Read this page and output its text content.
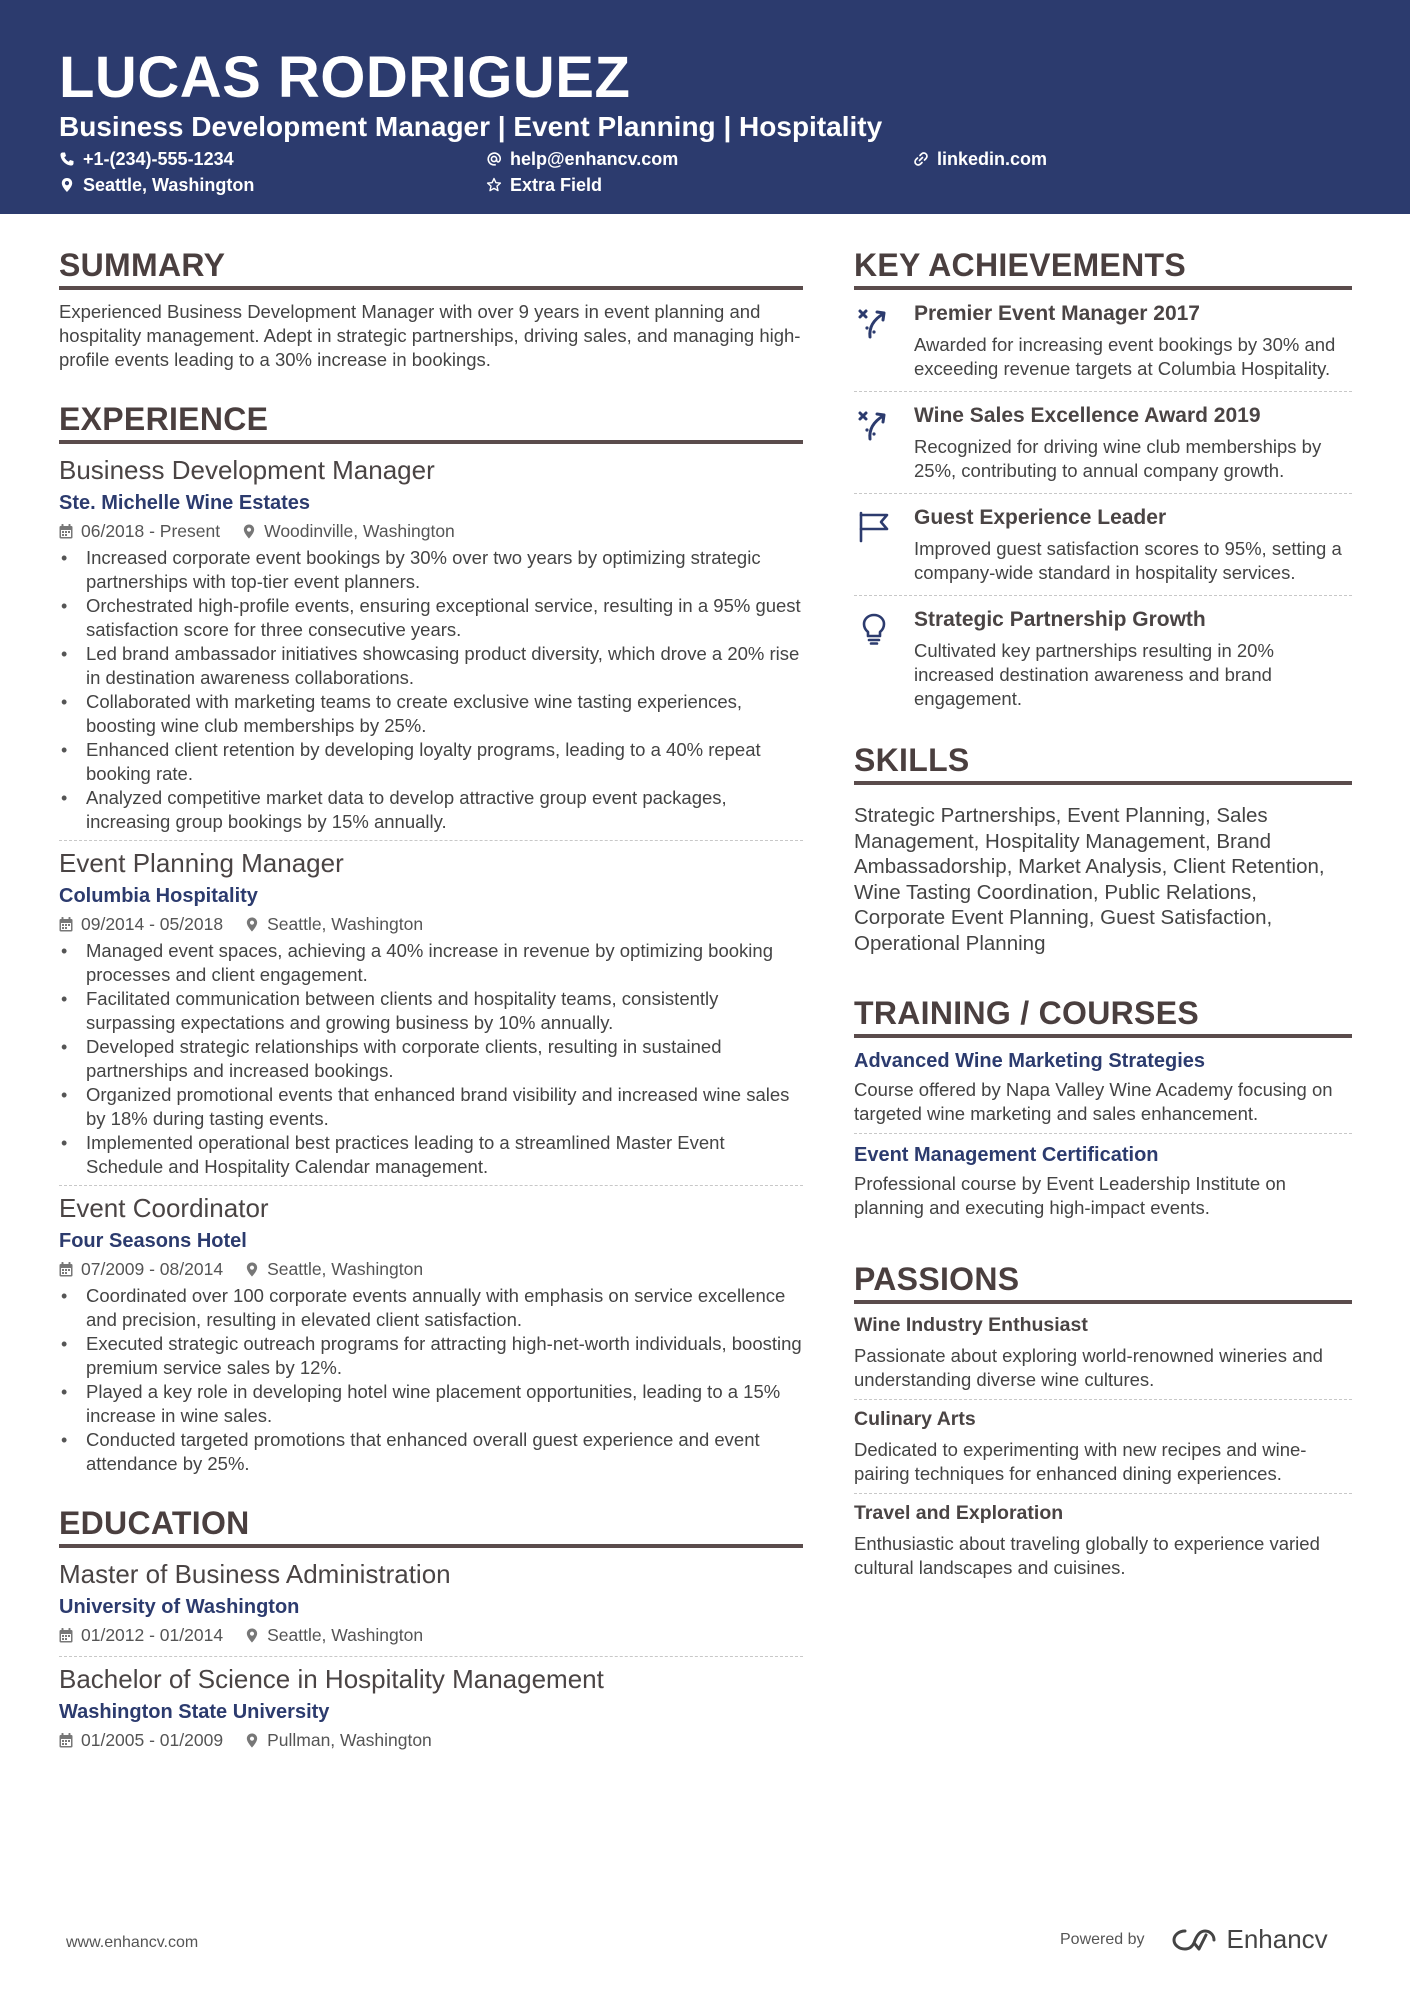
LUCAS RODRIGUEZ
Business Development Manager | Event Planning | Hospitality
+1-(234)-555-1234	help@enhancv.com	linkedin.com
Seattle, Washington	Extra Field
SUMMARY
Experienced Business Development Manager with over 9 years in event planning and hospitality management. Adept in strategic partnerships, driving sales, and managing high-profile events leading to a 30% increase in bookings.
EXPERIENCE
Business Development Manager
Ste. Michelle Wine Estates
06/2018 - Present	Woodinville, Washington
• Increased corporate event bookings by 30% over two years by optimizing strategic partnerships with top-tier event planners.
• Orchestrated high-profile events, ensuring exceptional service, resulting in a 95% guest satisfaction score for three consecutive years.
• Led brand ambassador initiatives showcasing product diversity, which drove a 20% rise in destination awareness collaborations.
• Collaborated with marketing teams to create exclusive wine tasting experiences, boosting wine club memberships by 25%.
• Enhanced client retention by developing loyalty programs, leading to a 40% repeat booking rate.
• Analyzed competitive market data to develop attractive group event packages, increasing group bookings by 15% annually.
Event Planning Manager
Columbia Hospitality
09/2014 - 05/2018	Seattle, Washington
• Managed event spaces, achieving a 40% increase in revenue by optimizing booking processes and client engagement.
• Facilitated communication between clients and hospitality teams, consistently surpassing expectations and growing business by 10% annually.
• Developed strategic relationships with corporate clients, resulting in sustained partnerships and increased bookings.
• Organized promotional events that enhanced brand visibility and increased wine sales by 18% during tasting events.
• Implemented operational best practices leading to a streamlined Master Event Schedule and Hospitality Calendar management.
Event Coordinator
Four Seasons Hotel
07/2009 - 08/2014	Seattle, Washington
• Coordinated over 100 corporate events annually with emphasis on service excellence and precision, resulting in elevated client satisfaction.
• Executed strategic outreach programs for attracting high-net-worth individuals, boosting premium service sales by 12%.
• Played a key role in developing hotel wine placement opportunities, leading to a 15% increase in wine sales.
• Conducted targeted promotions that enhanced overall guest experience and event attendance by 25%.
EDUCATION
Master of Business Administration
University of Washington
01/2012 - 01/2014	Seattle, Washington
Bachelor of Science in Hospitality Management
Washington State University
01/2005 - 01/2009	Pullman, Washington
KEY ACHIEVEMENTS
Premier Event Manager 2017
Awarded for increasing event bookings by 30% and exceeding revenue targets at Columbia Hospitality.
Wine Sales Excellence Award 2019
Recognized for driving wine club memberships by 25%, contributing to annual company growth.
Guest Experience Leader
Improved guest satisfaction scores to 95%, setting a company-wide standard in hospitality services.
Strategic Partnership Growth
Cultivated key partnerships resulting in 20% increased destination awareness and brand engagement.
SKILLS
Strategic Partnerships, Event Planning, Sales Management, Hospitality Management, Brand Ambassadorship, Market Analysis, Client Retention, Wine Tasting Coordination, Public Relations, Corporate Event Planning, Guest Satisfaction, Operational Planning
TRAINING / COURSES
Advanced Wine Marketing Strategies
Course offered by Napa Valley Wine Academy focusing on targeted wine marketing and sales enhancement.
Event Management Certification
Professional course by Event Leadership Institute on planning and executing high-impact events.
PASSIONS
Wine Industry Enthusiast
Passionate about exploring world-renowned wineries and understanding diverse wine cultures.
Culinary Arts
Dedicated to experimenting with new recipes and wine-pairing techniques for enhanced dining experiences.
Travel and Exploration
Enthusiastic about traveling globally to experience varied cultural landscapes and cuisines.
www.enhancv.com	Powered by	Enhancv
